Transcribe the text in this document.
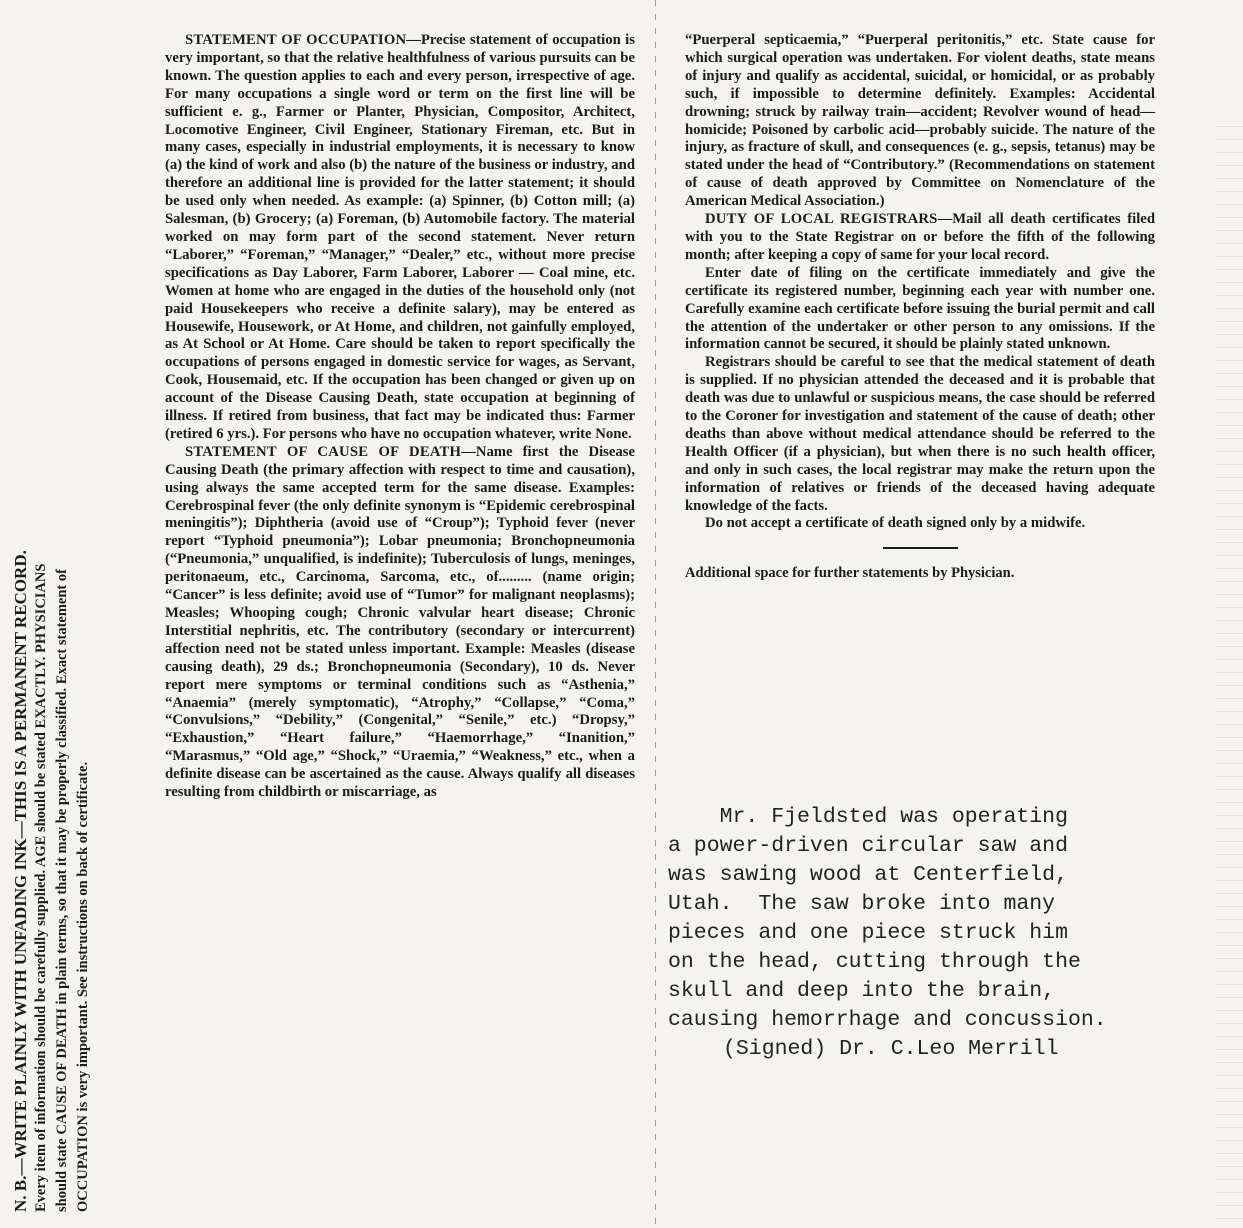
N. B.—WRITE PLAINLY WITH UNFADING INK—THIS IS A PERMANENT RECORD. Every item of information should be carefully supplied. AGE should be stated EXACTLY. PHYSICIANS should state CAUSE OF DEATH in plain terms, so that it may be properly classified. Exact statement of OCCUPATION is very important. See instructions on back of certificate.

STATEMENT OF OCCUPATION—Precise statement of occupation is very important, so that the relative healthfulness of various pursuits can be known. The question applies to each and every person, irrespective of age. For many occupations a single word or term on the first line will be sufficient e. g., Farmer or Planter, Physician, Compositor, Architect, Locomotive Engineer, Civil Engineer, Stationary Fireman, etc. But in many cases, especially in industrial employments, it is necessary to know (a) the kind of work and also (b) the nature of the business or industry, and therefore an additional line is provided for the latter statement; it should be used only when needed. As example: (a) Spinner, (b) Cotton mill; (a) Salesman, (b) Grocery; (a) Foreman, (b) Automobile factory. The material worked on may form part of the second statement. Never return “Laborer,” “Foreman,” “Manager,” “Dealer,” etc., without more precise specifications as Day Laborer, Farm Laborer, Laborer — Coal mine, etc. Women at home who are engaged in the duties of the household only (not paid Housekeepers who receive a definite salary), may be entered as Housewife, Housework, or At Home, and children, not gainfully employed, as At School or At Home. Care should be taken to report specifically the occupations of persons engaged in domestic service for wages, as Servant, Cook, Housemaid, etc. If the occupation has been changed or given up on account of the Disease Causing Death, state occupation at beginning of illness. If retired from business, that fact may be indicated thus: Farmer (retired 6 yrs.). For persons who have no occupation whatever, write None.

STATEMENT OF CAUSE OF DEATH—Name first the Disease Causing Death (the primary affection with respect to time and causation), using always the same accepted term for the same disease. Examples: Cerebrospinal fever (the only definite synonym is “Epidemic cerebrospinal meningitis”); Diphtheria (avoid use of “Croup”); Typhoid fever (never report “Typhoid pneumonia”); Lobar pneumonia; Bronchopneumonia (“Pneumonia,” unqualified, is indefinite); Tuberculosis of lungs, meninges, peritonaeum, etc., Carcinoma, Sarcoma, etc., of......... (name origin; “Cancer” is less definite; avoid use of “Tumor” for malignant neoplasms); Measles; Whooping cough; Chronic valvular heart disease; Chronic Interstitial nephritis, etc. The contributory (secondary or intercurrent) affection need not be stated unless important. Example: Measles (disease causing death), 29 ds.; Bronchopneumonia (Secondary), 10 ds. Never report mere symptoms or terminal conditions such as “Asthenia,” “Anaemia” (merely symptomatic), “Atrophy,” “Collapse,” “Coma,” “Convulsions,” “Debility,” (Congenital,” “Senile,” etc.) “Dropsy,” “Exhaustion,” “Heart failure,” “Haemorrhage,” “Inanition,” “Marasmus,” “Old age,” “Shock,” “Uraemia,” “Weakness,” etc., when a definite disease can be ascertained as the cause. Always qualify all diseases resulting from childbirth or miscarriage, as

“Puerperal septicaemia,” “Puerperal peritonitis,” etc. State cause for which surgical operation was undertaken. For violent deaths, state means of injury and qualify as accidental, suicidal, or homicidal, or as probably such, if impossible to determine definitely. Examples: Accidental drowning; struck by railway train—accident; Revolver wound of head—homicide; Poisoned by carbolic acid—probably suicide. The nature of the injury, as fracture of skull, and consequences (e. g., sepsis, tetanus) may be stated under the head of “Contributory.” (Recommendations on statement of cause of death approved by Committee on Nomenclature of the American Medical Association.)

DUTY OF LOCAL REGISTRARS—Mail all death certificates filed with you to the State Registrar on or before the fifth of the following month; after keeping a copy of same for your local record.

Enter date of filing on the certificate immediately and give the certificate its registered number, beginning each year with number one. Carefully examine each certificate before issuing the burial permit and call the attention of the undertaker or other person to any omissions. If the information cannot be secured, it should be plainly stated unknown.

Registrars should be careful to see that the medical statement of death is supplied. If no physician attended the deceased and it is probable that death was due to unlawful or suspicious means, the case should be referred to the Coroner for investigation and statement of the cause of death; other deaths than above without medical attendance should be referred to the Health Officer (if a physician), but when there is no such health officer, and only in such cases, the local registrar may make the return upon the information of relatives or friends of the deceased having adequate knowledge of the facts.

Do not accept a certificate of death signed only by a midwife.

Additional space for further statements by Physician.

Mr. Fjeldsted was operating
a power-driven circular saw and
was sawing wood at Centerfield,
Utah.  The saw broke into many
pieces and one piece struck him
on the head, cutting through the
skull and deep into the brain,
causing hemorrhage and concussion.

(Signed) Dr. C.Leo Merrill
